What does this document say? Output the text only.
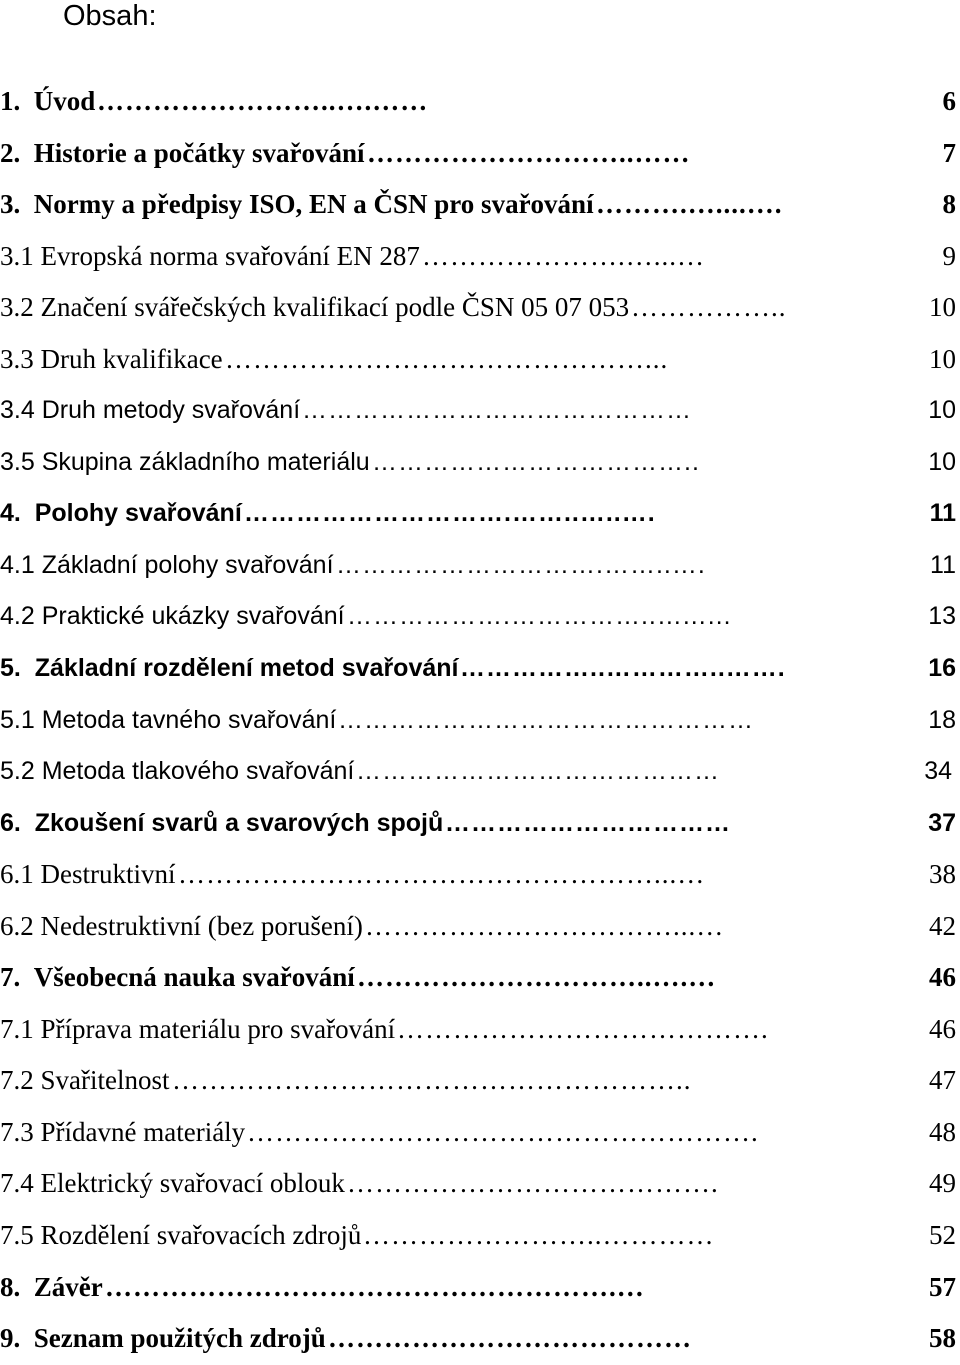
Obsah:
1.  Úvod ……………………..….……	6
2.  Historie a počátky svařování ………………………..……	7
3.  Normy a předpisy ISO, EN a ČSN pro svařování ……….…....….	8
3.1 Evropská norma svařování EN 287 ………………….…...…	9
3.2 Značení svářečských kvalifikací podle ČSN 05 07 053 ……………..	10
3.3 Druh kvalifikace ………………………………………...	10
3.4 Druh metody svařování ………………………………………	10
3.5 Skupina základního materiálu ………………………………..	10
4.  Polohy svařování ………………………….……..…..….	11
4.1 Základní polohy svařování ………………………….……..….	11
4.2 Praktické ukázky svařování ……………….……………..…...…	13
5.  Základní rozdělení metod svařování ……………..…………..…….	16
5.1 Metoda tavného svařování …………………………………………	18
5.2 Metoda tlakového svařování ……………………………………	34
6.  Zkoušení svarů a svarových spojů ……………………………	37
6.1 Destruktivní ……………………………………………...…	38
6.2 Nedestruktivní (bez porušení) ……………………………...…	42
7.  Všeobecná nauka svařování …………………………..….…	46
7.1 Příprava materiálu pro svařování ………………………………….	46
7.2 Svařitelnost ………………………………………………..	47
7.3 Přídavné materiály ……………………………………………….	48
7.4 Elektrický svařovací oblouk ………………………………….	49
7.5 Rozdělení svařovacích zdrojů ……………………..…………	52
8.  Závěr ……………………………………………….…	57
9.  Seznam použitých zdrojů …………………………………	58
